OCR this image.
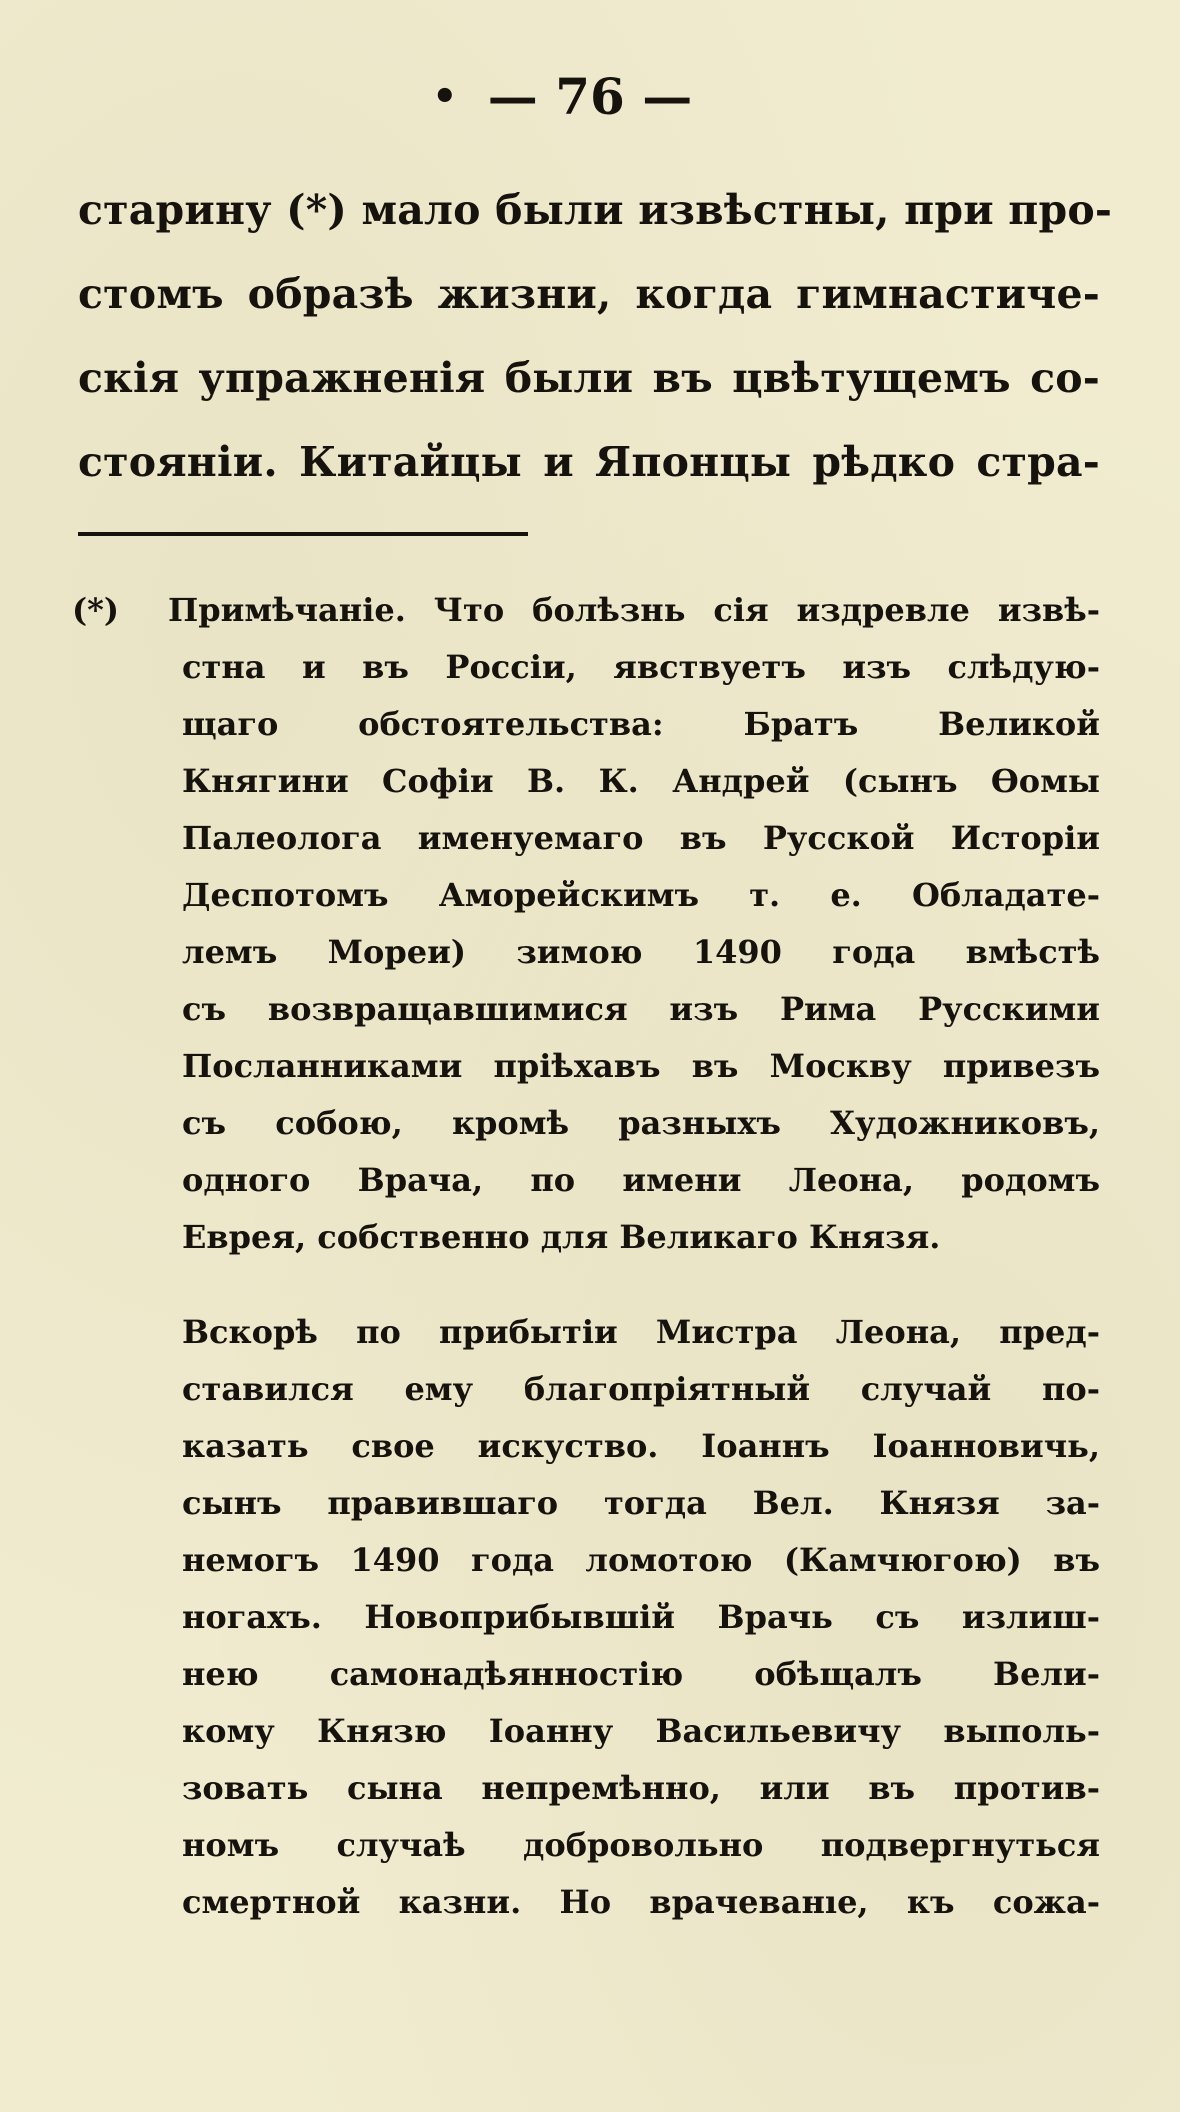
• — 76 —
старину (*) мало были извѣстны, при про-
стомъ образѣ жизни, когда гимнастиче-
скія упражненія были въ цвѣтущемъ со-
стояніи. Китайцы и Японцы рѣдко стра-
(*) Примѣчаніе. Что болѣзнь сія издревле извѣ-
стна и въ Россіи, явствуетъ изъ слѣдую-
щаго обстоятельства: Братъ Великой
Княгини Софіи В. К. Андрей (сынъ Ѳомы
Палеолога именуемаго въ Русской Исторіи
Деспотомъ Аморейскимъ т. е. Обладате-
лемъ Мореи) зимою 1490 года вмѣстѣ
съ возвращавшимися изъ Рима Русскими
Посланниками пріѣхавъ въ Москву привезъ
съ собою, кромѣ разныхъ Художниковъ,
одного Врача, по имени Леона, родомъ
Еврея, собственно для Великаго Князя.
Вскорѣ по прибытіи Мистра Леона, пред-
ставился ему благопріятный случай по-
казать свое искуство. Іоаннъ Іоанновичь,
сынъ правившаго тогда Вел. Князя за-
немогъ 1490 года ломотою (Камчюгою) въ
ногахъ. Новоприбывшій Врачь съ излиш-
нею самонадѣянностію обѣщалъ Вели-
кому Князю Іоанну Васильевичу выполь-
зовать сына непремѣнно, или въ против-
номъ случаѣ добровольно подвергнуться
смертной казни. Но врачеванıе, къ сожа-
